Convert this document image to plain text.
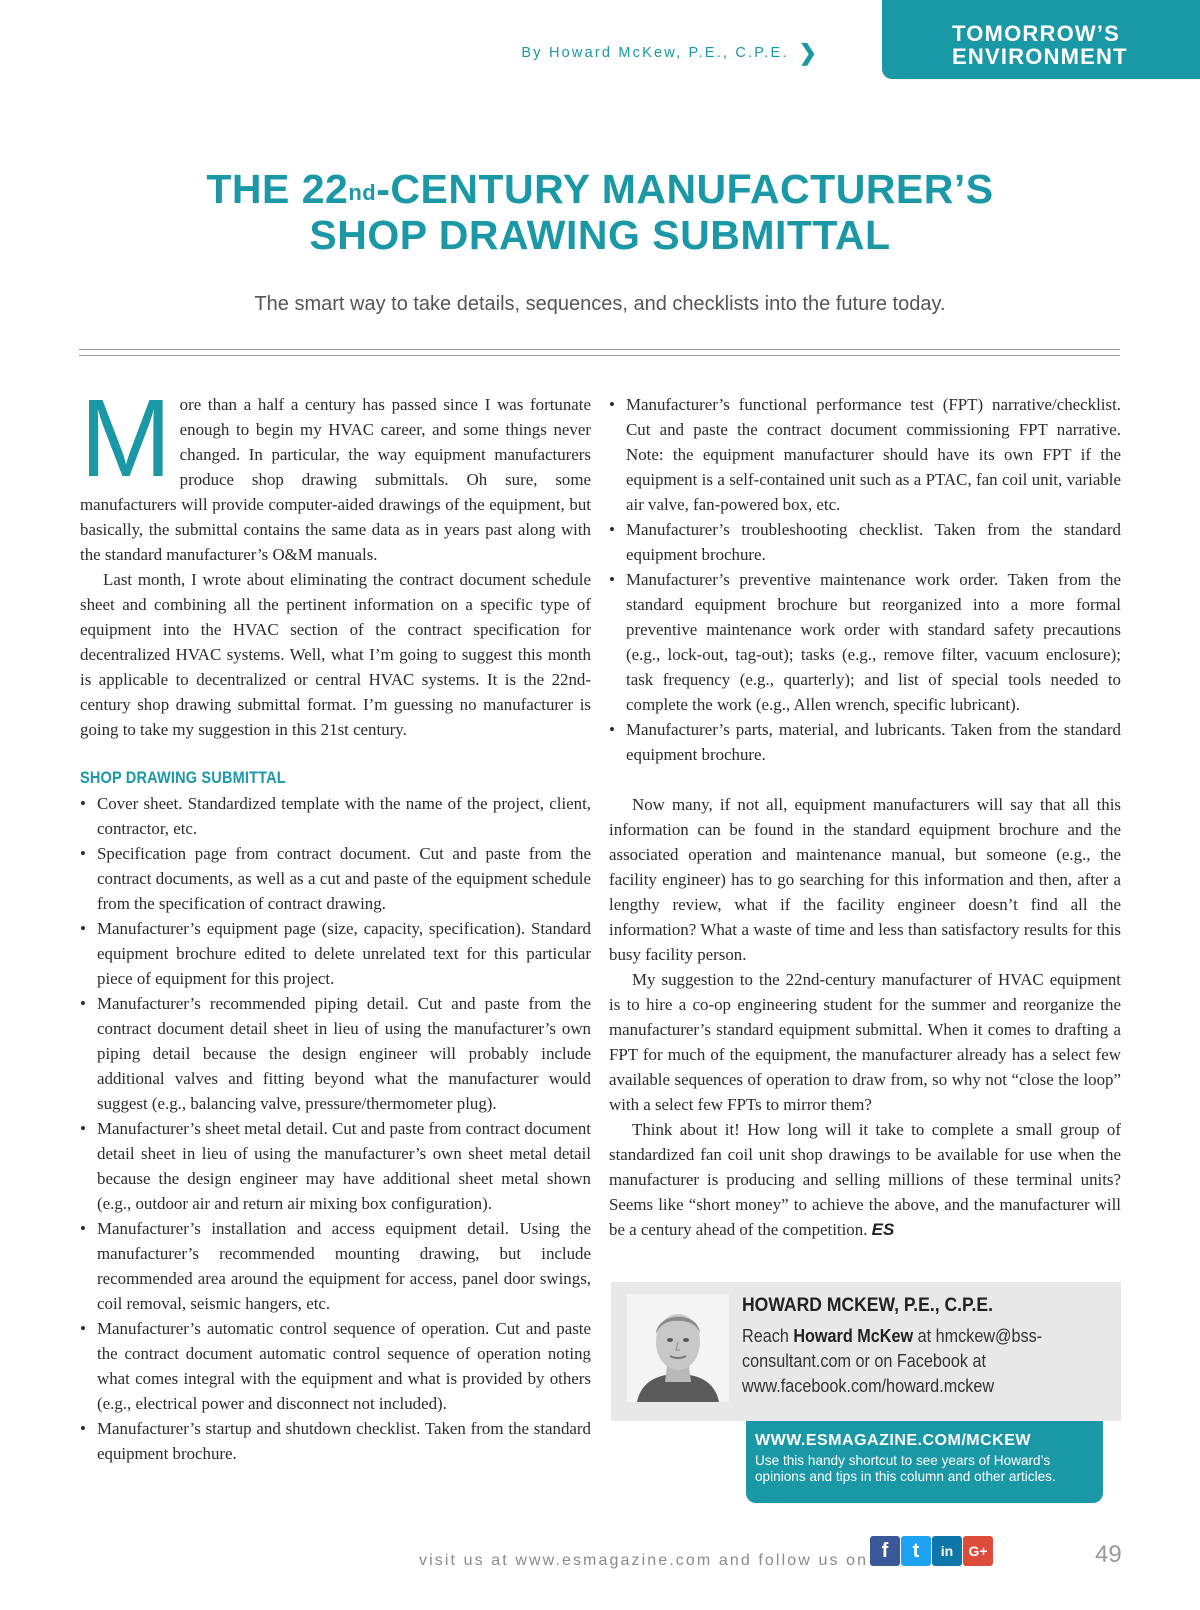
By Howard McKew, P.E., C.P.E. ❯
TOMORROW’S
ENVIRONMENT
THE 22nd-CENTURY MANUFACTURER’S
SHOP DRAWING SUBMITTAL
The smart way to take details, sequences, and checklists into the future today.

More than a half a century has passed since I was fortunate enough to begin my HVAC career, and some things never changed. In particular, the way equipment manufacturers produce shop drawing submittals. Oh sure, some manufacturers will provide computer-aided drawings of the equipment, but basically, the submittal contains the same data as in years past along with the standard manufacturer’s O&M manuals.

Last month, I wrote about eliminating the contract document schedule sheet and combining all the pertinent information on a specific type of equipment into the HVAC section of the contract specification for decentralized HVAC systems. Well, what I’m going to suggest this month is applicable to decentralized or central HVAC systems. It is the 22nd-century shop drawing submittal format. I’m guessing no manufacturer is going to take my suggestion in this 21st century.

SHOP DRAWING SUBMITTAL
• Cover sheet. Standardized template with the name of the project, client, contractor, etc.
• Specification page from contract document. Cut and paste from the contract documents, as well as a cut and paste of the equipment schedule from the specification of contract drawing.
• Manufacturer’s equipment page (size, capacity, specification). Standard equipment brochure edited to delete unrelated text for this particular piece of equipment for this project.
• Manufacturer’s recommended piping detail. Cut and paste from the contract document detail sheet in lieu of using the manufacturer’s own piping detail because the design engineer will probably include additional valves and fitting beyond what the manufacturer would suggest (e.g., balancing valve, pressure/thermometer plug).
• Manufacturer’s sheet metal detail. Cut and paste from contract document detail sheet in lieu of using the manufacturer’s own sheet metal detail because the design engineer may have additional sheet metal shown (e.g., outdoor air and return air mixing box configuration).
• Manufacturer’s installation and access equipment detail. Using the manufacturer’s recommended mounting drawing, but include recommended area around the equipment for access, panel door swings, coil removal, seismic hangers, etc.
• Manufacturer’s automatic control sequence of operation. Cut and paste the contract document automatic control sequence of operation noting what comes integral with the equipment and what is provided by others (e.g., electrical power and disconnect not included).
• Manufacturer’s startup and shutdown checklist. Taken from the standard equipment brochure.
• Manufacturer’s functional performance test (FPT) narrative/checklist. Cut and paste the contract document commissioning FPT narrative. Note: the equipment manufacturer should have its own FPT if the equipment is a self-contained unit such as a PTAC, fan coil unit, variable air valve, fan-powered box, etc.
• Manufacturer’s troubleshooting checklist. Taken from the standard equipment brochure.
• Manufacturer’s preventive maintenance work order. Taken from the standard equipment brochure but reorganized into a more formal preventive maintenance work order with standard safety precautions (e.g., lock-out, tag-out); tasks (e.g., remove filter, vacuum enclosure); task frequency (e.g., quarterly); and list of special tools needed to complete the work (e.g., Allen wrench, specific lubricant).
• Manufacturer’s parts, material, and lubricants. Taken from the standard equipment brochure.

Now many, if not all, equipment manufacturers will say that all this information can be found in the standard equipment brochure and the associated operation and maintenance manual, but someone (e.g., the facility engineer) has to go searching for this information and then, after a lengthy review, what if the facility engineer doesn’t find all the information? What a waste of time and less than satisfactory results for this busy facility person.

My suggestion to the 22nd-century manufacturer of HVAC equipment is to hire a co-op engineering student for the summer and reorganize the manufacturer’s standard equipment submittal. When it comes to drafting a FPT for much of the equipment, the manufacturer already has a select few available sequences of operation to draw from, so why not “close the loop” with a select few FPTs to mirror them?

Think about it! How long will it take to complete a small group of standardized fan coil unit shop drawings to be available for use when the manufacturer is producing and selling millions of these terminal units? Seems like “short money” to achieve the above, and the manufacturer will be a century ahead of the competition. ES

HOWARD MCKEW, P.E., C.P.E.
Reach Howard McKew at hmckew@bss-consultant.com or on Facebook at www.facebook.com/howard.mckew
WWW.ESMAGAZINE.COM/MCKEW
Use this handy shortcut to see years of Howard’s opinions and tips in this column and other articles.
visit us at www.esmagazine.com and follow us on f	t	in	G+	49
